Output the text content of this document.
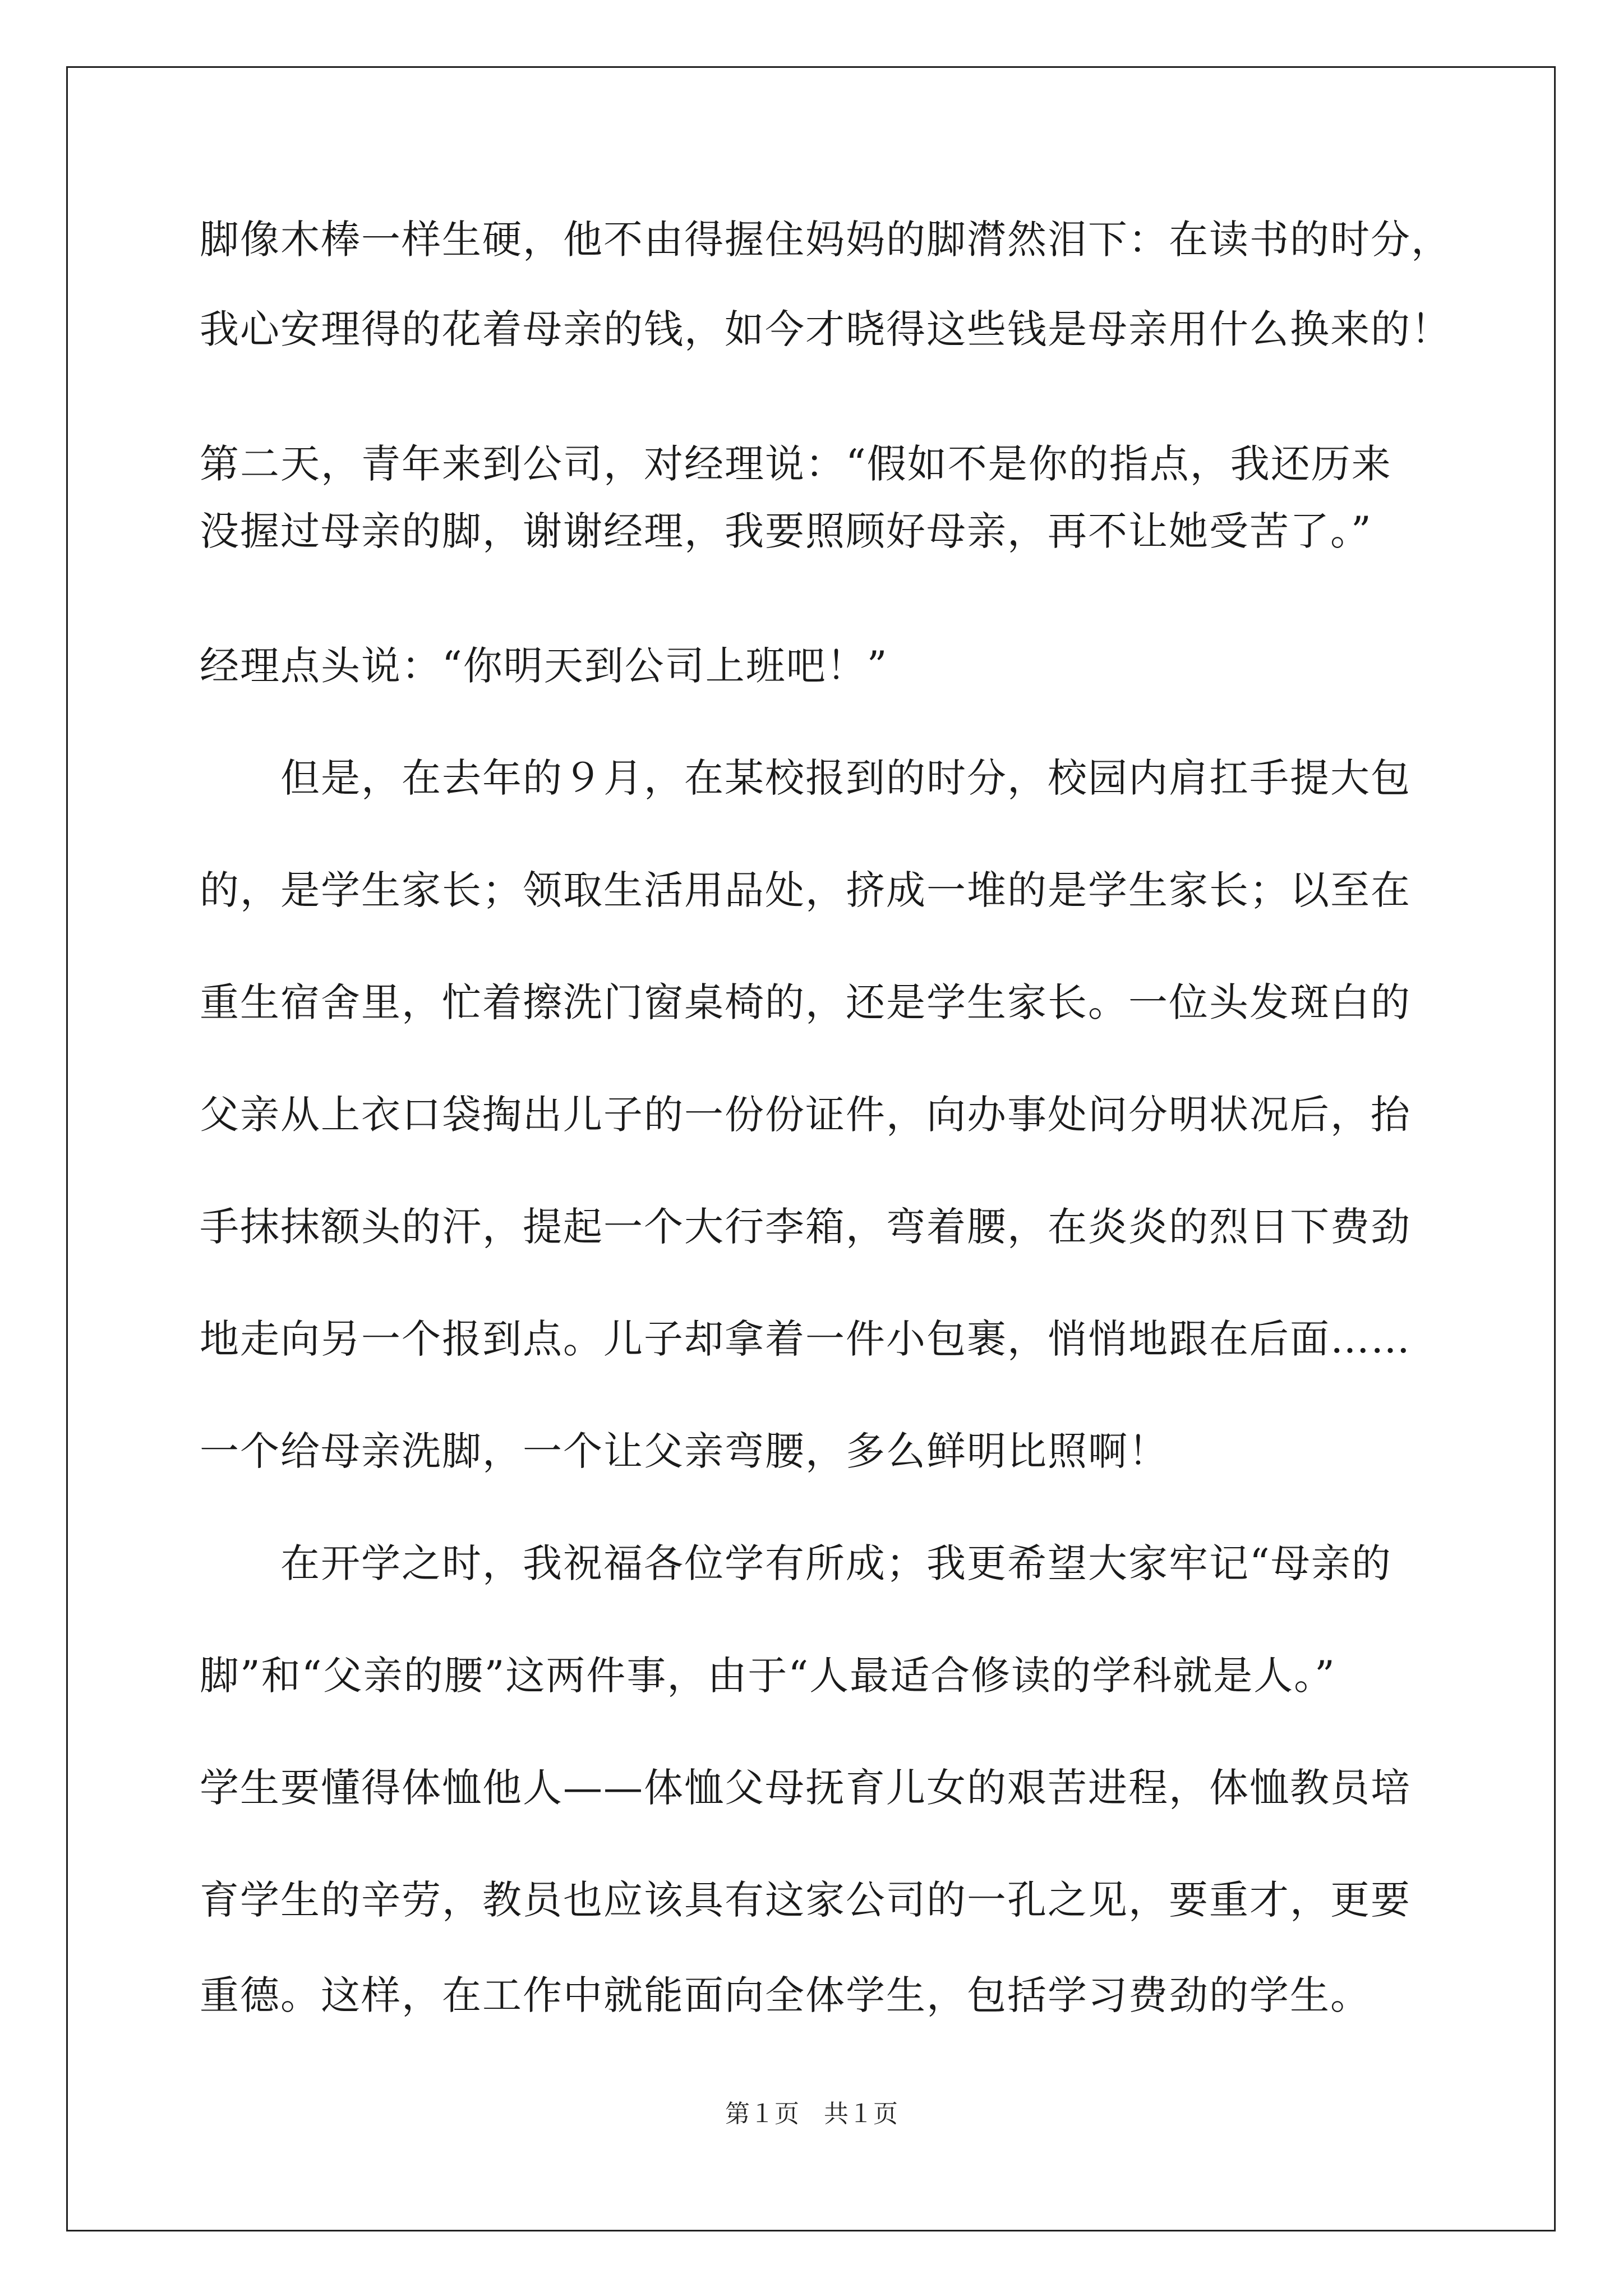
脚像木棒一样生硬，他不由得握住妈妈的脚潸然泪下：在读书的时分，
我心安理得的花着母亲的钱，如今才晓得这些钱是母亲用什么换来的！
第二天，青年来到公司，对经理说：“假如不是你的指点，我还历来
没握过母亲的脚，谢谢经理，我要照顾好母亲，再不让她受苦了。”
经理点头说：“你明天到公司上班吧！”
但是，在去年的９月，在某校报到的时分，校园内肩扛手提大包
的，是学生家长；领取生活用品处，挤成一堆的是学生家长；以至在
重生宿舍里，忙着擦洗门窗桌椅的，还是学生家长。一位头发斑白的
父亲从上衣口袋掏出儿子的一份份证件，向办事处问分明状况后，抬
手抹抹额头的汗，提起一个大行李箱，弯着腰，在炎炎的烈日下费劲
地走向另一个报到点。儿子却拿着一件小包裹，悄悄地跟在后面……
一个给母亲洗脚，一个让父亲弯腰，多么鲜明比照啊！
在开学之时，我祝福各位学有所成；我更希望大家牢记“母亲的
脚”和“父亲的腰”这两件事，由于“人最适合修读的学科就是人。”
学生要懂得体恤他人——体恤父母抚育儿女的艰苦进程，体恤教员培
育学生的辛劳，教员也应该具有这家公司的一孔之见，要重才，更要
重德。这样，在工作中就能面向全体学生，包括学习费劲的学生。
第１页　共１页
